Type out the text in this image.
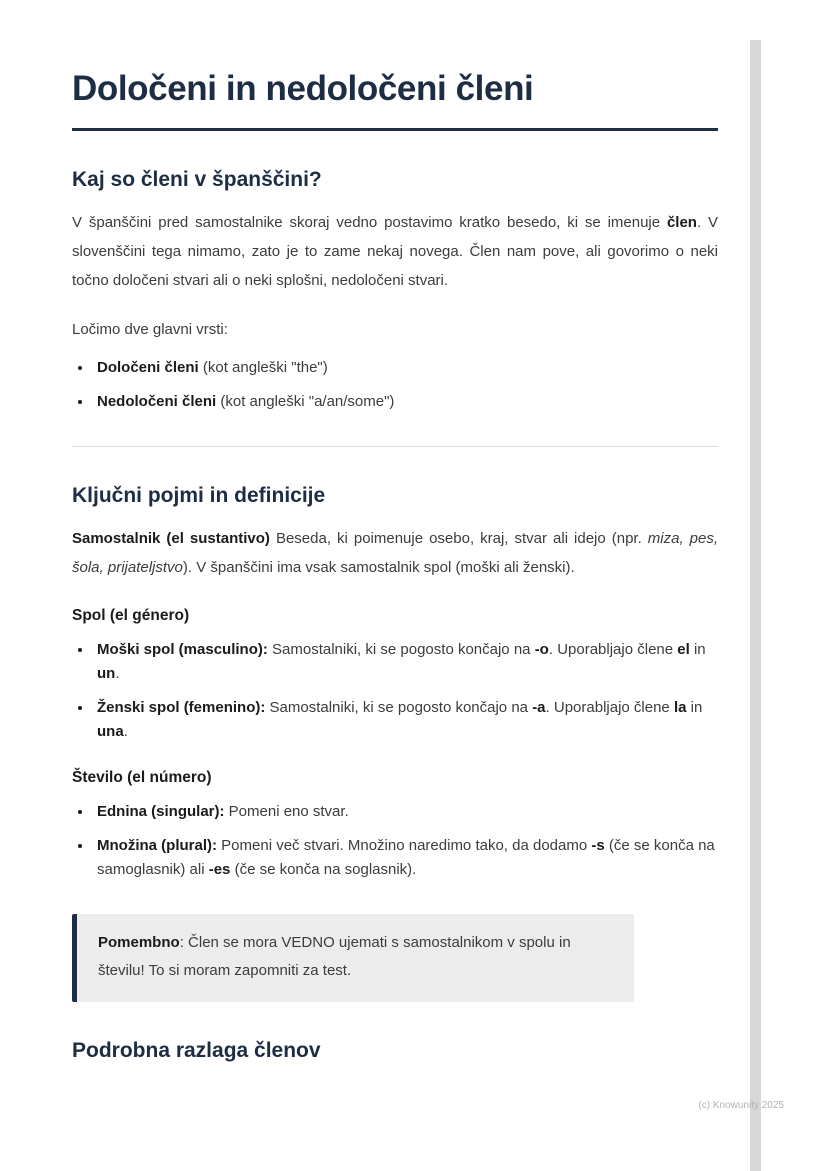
Določeni in nedoločeni členi
Kaj so členi v španščini?

V španščini pred samostalnike skoraj vedno postavimo kratko besedo, ki se imenuje člen. V slovenščini tega nimamo, zato je to zame nekaj novega. Člen nam pove, ali govorimo o neki točno določeni stvari ali o neki splošni, nedoločeni stvari.

Ločimo dve glavni vrsti:

• Določeni členi (kot angleški "the")
• Nedoločeni členi (kot angleški "a/an/some")
Ključni pojmi in definicije

Samostalnik (el sustantivo) Beseda, ki poimenuje osebo, kraj, stvar ali idejo (npr. miza, pes, šola, prijateljstvo). V španščini ima vsak samostalnik spol (moški ali ženski).

Spol (el género)

• Moški spol (masculino): Samostalniki, ki se pogosto končajo na -o. Uporabljajo člene el in un.
• Ženski spol (femenino): Samostalniki, ki se pogosto končajo na -a. Uporabljajo člene la in una.

Število (el número)

• Ednina (singular): Pomeni eno stvar.
• Množina (plural): Pomeni več stvari. Množino naredimo tako, da dodamo -s (če se konča na samoglasnik) ali -es (če se konča na soglasnik).

Pomembno: Člen se mora VEDNO ujemati s samostalnikom v spolu in številu! To si moram zapomniti za test.

Podrobna razlaga členov
(c) Knowunity 2025
